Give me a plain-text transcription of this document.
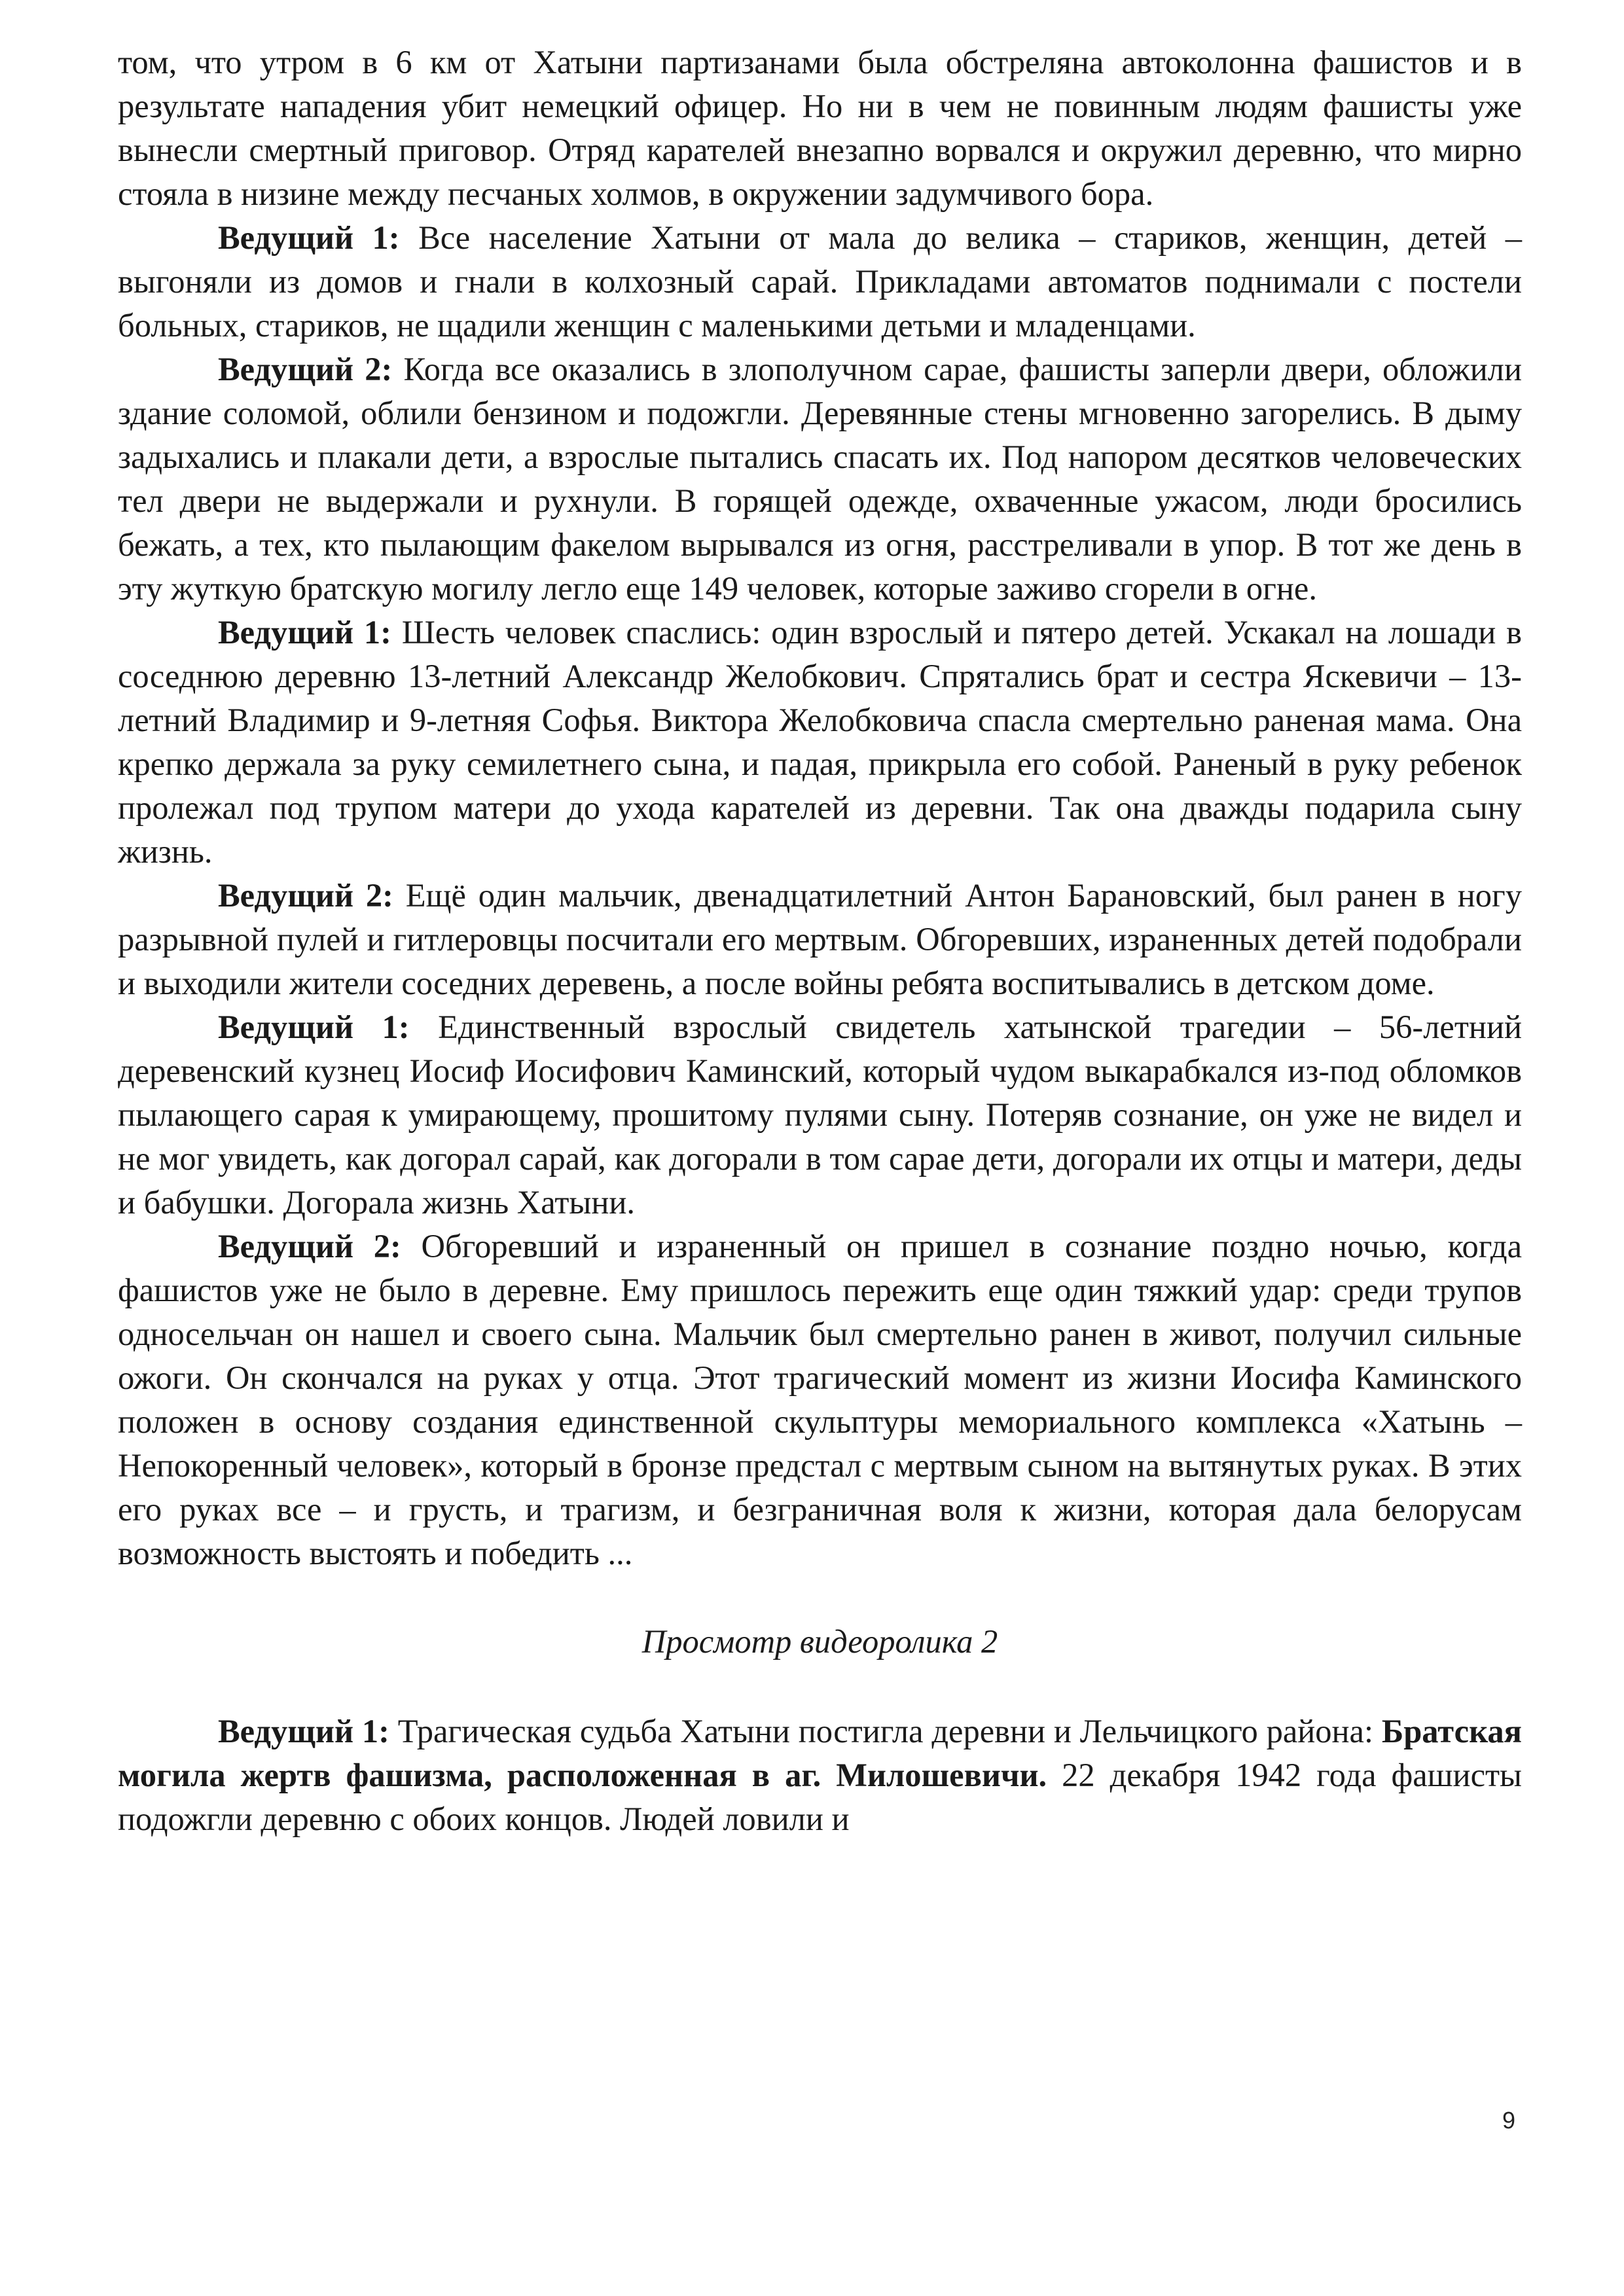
том, что утром в 6 км от Хатыни партизанами была обстреляна автоколонна фашистов и в результате нападения убит немецкий офицер. Но ни в чем не повинным людям фашисты уже вынесли смертный приговор. Отряд карателей внезапно ворвался и окружил деревню, что мирно стояла в низине между песчаных холмов, в окружении задумчивого бора.

Ведущий 1: Все население Хатыни от мала до велика – стариков, женщин, детей – выгоняли из домов и гнали в колхозный сарай. Прикладами автоматов поднимали с постели больных, стариков, не щадили женщин с маленькими детьми и младенцами.

Ведущий 2: Когда все оказались в злополучном сарае, фашисты заперли двери, обложили здание соломой, облили бензином и подожгли. Деревянные стены мгновенно загорелись. В дыму задыхались и плакали дети, а взрослые пытались спасать их. Под напором десятков человеческих тел двери не выдержали и рухнули. В горящей одежде, охваченные ужасом, люди бросились бежать, а тех, кто пылающим факелом вырывался из огня, расстреливали в упор. В тот же день в эту жуткую братскую могилу легло еще 149 человек, которые заживо сгорели в огне.

Ведущий 1: Шесть человек спаслись: один взрослый и пятеро детей. Ускакал на лошади в соседнюю деревню 13-летний Александр Желобкович. Спрятались брат и сестра Яскевичи – 13-летний Владимир и 9-летняя Софья. Виктора Желобковича спасла смертельно раненая мама. Она крепко держала за руку семилетнего сына, и падая, прикрыла его собой. Раненый в руку ребенок пролежал под трупом матери до ухода карателей из деревни. Так она дважды подарила сыну жизнь.

Ведущий 2: Ещё один мальчик, двенадцатилетний Антон Барановский, был ранен в ногу разрывной пулей и гитлеровцы посчитали его мертвым. Обгоревших, израненных детей подобрали и выходили жители соседних деревень, а после войны ребята воспитывались в детском доме.

Ведущий 1: Единственный взрослый свидетель хатынской трагедии – 56-летний деревенский кузнец Иосиф Иосифович Каминский, который чудом выкарабкался из-под обломков пылающего сарая к умирающему, прошитому пулями сыну. Потеряв сознание, он уже не видел и не мог увидеть, как догорал сарай, как догорали в том сарае дети, догорали их отцы и матери, деды и бабушки. Догорала жизнь Хатыни.

Ведущий 2: Обгоревший и израненный он пришел в сознание поздно ночью, когда фашистов уже не было в деревне. Ему пришлось пережить еще один тяжкий удар: среди трупов односельчан он нашел и своего сына. Мальчик был смертельно ранен в живот, получил сильные ожоги. Он скончался на руках у отца. Этот трагический момент из жизни Иосифа Каминского положен в основу создания единственной скульптуры мемориального комплекса «Хатынь – Непокоренный человек», который в бронзе предстал с мертвым сыном на вытянутых руках. В этих его руках все – и грусть, и трагизм, и безграничная воля к жизни, которая дала белорусам возможность выстоять и победить ...

Просмотр видеоролика 2

Ведущий 1: Трагическая судьба Хатыни постигла деревни и Лельчицкого района: Братская могила жертв фашизма, расположенная в аг. Милошевичи. 22 декабря 1942 года фашисты подожгли деревню с обоих концов. Людей ловили и

9
